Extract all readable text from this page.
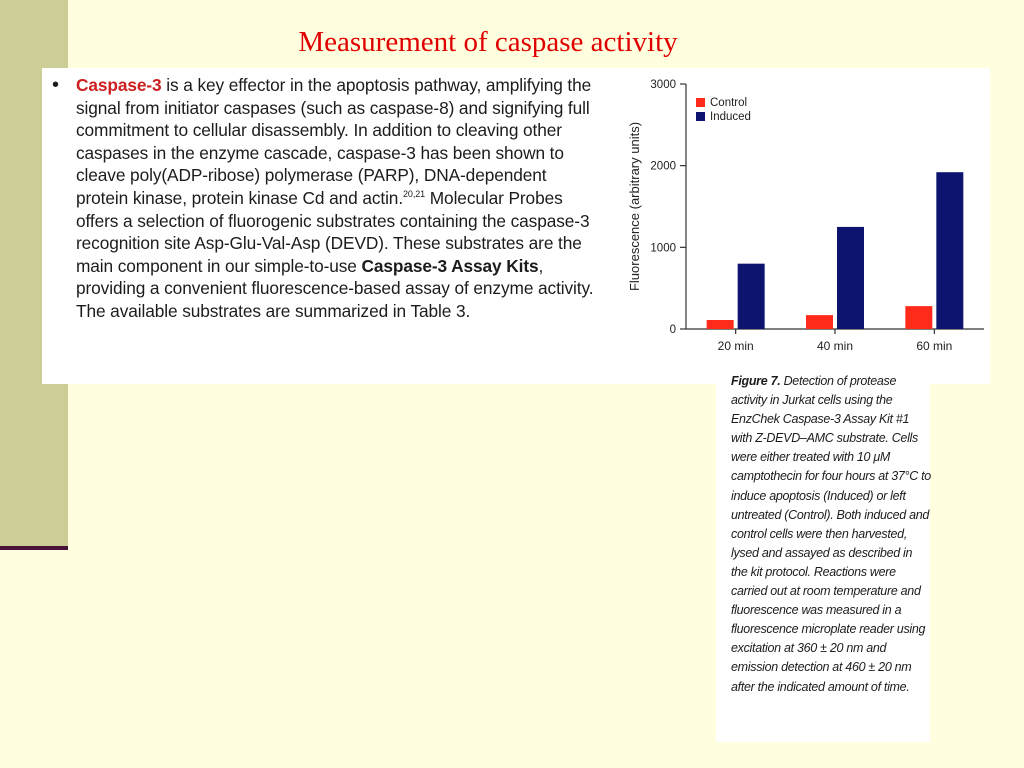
Measurement of caspase activity
• Caspase-3 is a key effector in the apoptosis pathway, amplifying the signal from initiator caspases (such as caspase-8) and signifying full commitment to cellular disassembly. In addition to cleaving other caspases in the enzyme cascade, caspase-3 has been shown to cleave poly(ADP-ribose) polymerase (PARP), DNA-dependent protein kinase, protein kinase Cd and actin.$^{20,21}$ Molecular Probes offers a selection of fluorogenic substrates containing the caspase-3 recognition site Asp-Glu-Val-Asp (DEVD). These substrates are the main component in our simple-to-use Caspase-3 Assay Kits, providing a convenient fluorescence-based assay of enzyme activity. The available substrates are summarized in Table 3.
0
1000
2000
3000
Fluorescence (arbitrary units)
20 min	40 min	60 min
Control
Induced
Figure 7. Detection of protease activity in Jurkat cells using the EnzChek Caspase-3 Assay Kit #1 with Z-DEVD–AMC substrate. Cells were either treated with 10 μM camptothecin for four hours at 37°C to induce apoptosis (Induced) or left untreated (Control). Both induced and control cells were then harvested, lysed and assayed as described in the kit protocol. Reactions were carried out at room temperature and fluorescence was measured in a fluorescence microplate reader using excitation at 360 ± 20 nm and emission detection at 460 ± 20 nm after the indicated amount of time.
